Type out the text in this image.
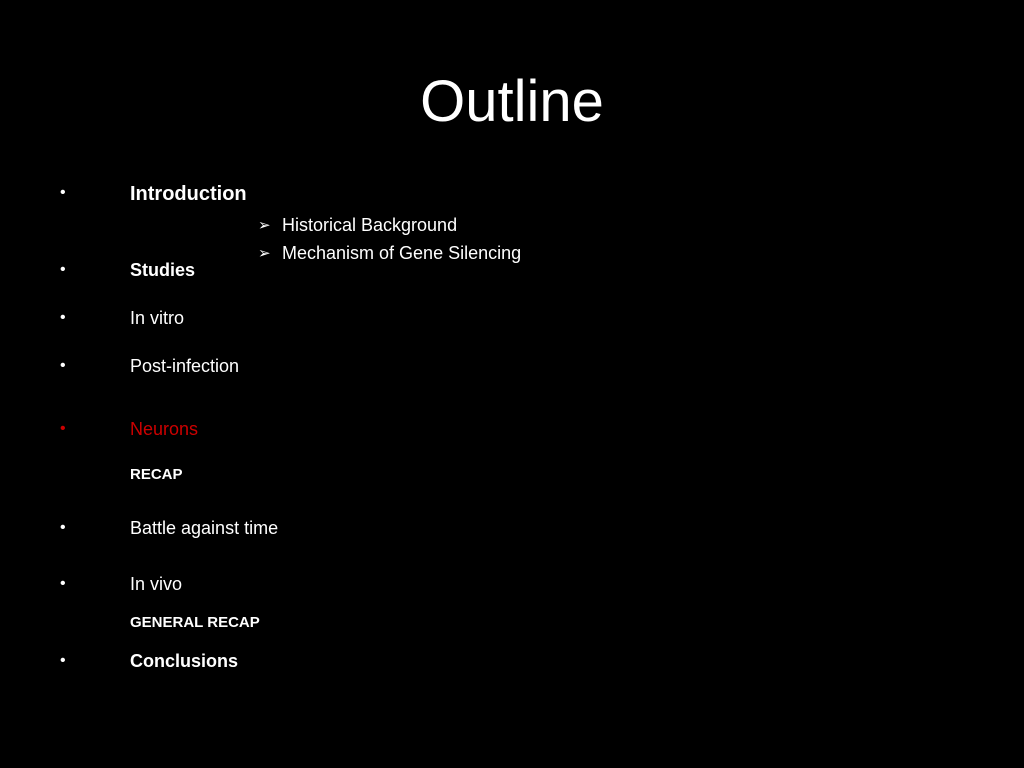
Outline
•	Introduction
➢ Historical Background
➢ Mechanism of Gene Silencing
•	Studies
•	In vitro
•	Post-infection
•	Neurons
RECAP
•	Battle against time
•	In vivo
GENERAL RECAP
•	Conclusions
